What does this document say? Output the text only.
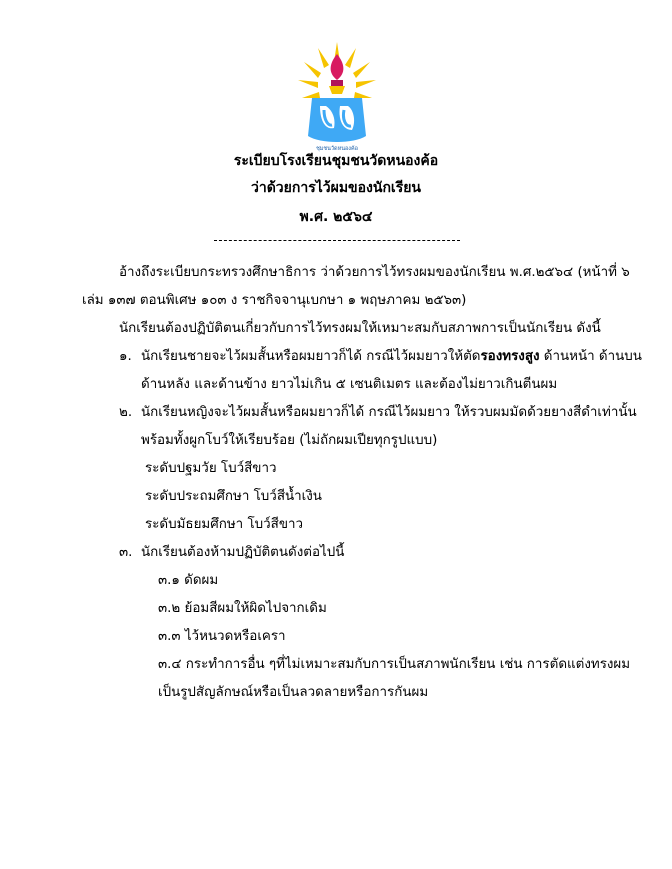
ชุมชนวัดหนองค้อ
ระเบียบโรงเรียนชุมชนวัดหนองค้อ
ว่าด้วยการไว้ผมของนักเรียน
พ.ศ. ๒๕๖๔
อ้างถึงระเบียบกระทรวงศึกษาธิการ ว่าด้วยการไว้ทรงผมของนักเรียน พ.ศ.๒๕๖๔ (หน้าที่ ๖
เล่ม ๑๓๗ ตอนพิเศษ ๑๐๓ ง ราชกิจจานุเบกษา ๑ พฤษภาคม ๒๕๖๓)
นักเรียนต้องปฏิบัติตนเกี่ยวกับการไว้ทรงผมให้เหมาะสมกับสภาพการเป็นนักเรียน ดังนี้
๑. นักเรียนชายจะไว้ผมสั้นหรือผมยาวก็ได้ กรณีไว้ผมยาวให้ตัดรองทรงสูง ด้านหน้า ด้านบน
ด้านหลัง และด้านข้าง ยาวไม่เกิน ๕ เซนติเมตร และต้องไม่ยาวเกินตีนผม
๒. นักเรียนหญิงจะไว้ผมสั้นหรือผมยาวก็ได้ กรณีไว้ผมยาว ให้รวบผมมัดด้วยยางสีดำเท่านั้น
พร้อมทั้งผูกโบว์ให้เรียบร้อย (ไม่ถักผมเปียทุกรูปแบบ)
ระดับปฐมวัย โบว์สีขาว
ระดับประถมศึกษา โบว์สีน้ำเงิน
ระดับมัธยมศึกษา โบว์สีขาว
๓. นักเรียนต้องห้ามปฏิบัติตนดังต่อไปนี้
๓.๑ ดัดผม
๓.๒ ย้อมสีผมให้ผิดไปจากเดิม
๓.๓ ไว้หนวดหรือเครา
๓.๔ กระทำการอื่น ๆที่ไม่เหมาะสมกับการเป็นสภาพนักเรียน เช่น การตัดแต่งทรงผม
เป็นรูปสัญลักษณ์หรือเป็นลวดลายหรือการกันผม
